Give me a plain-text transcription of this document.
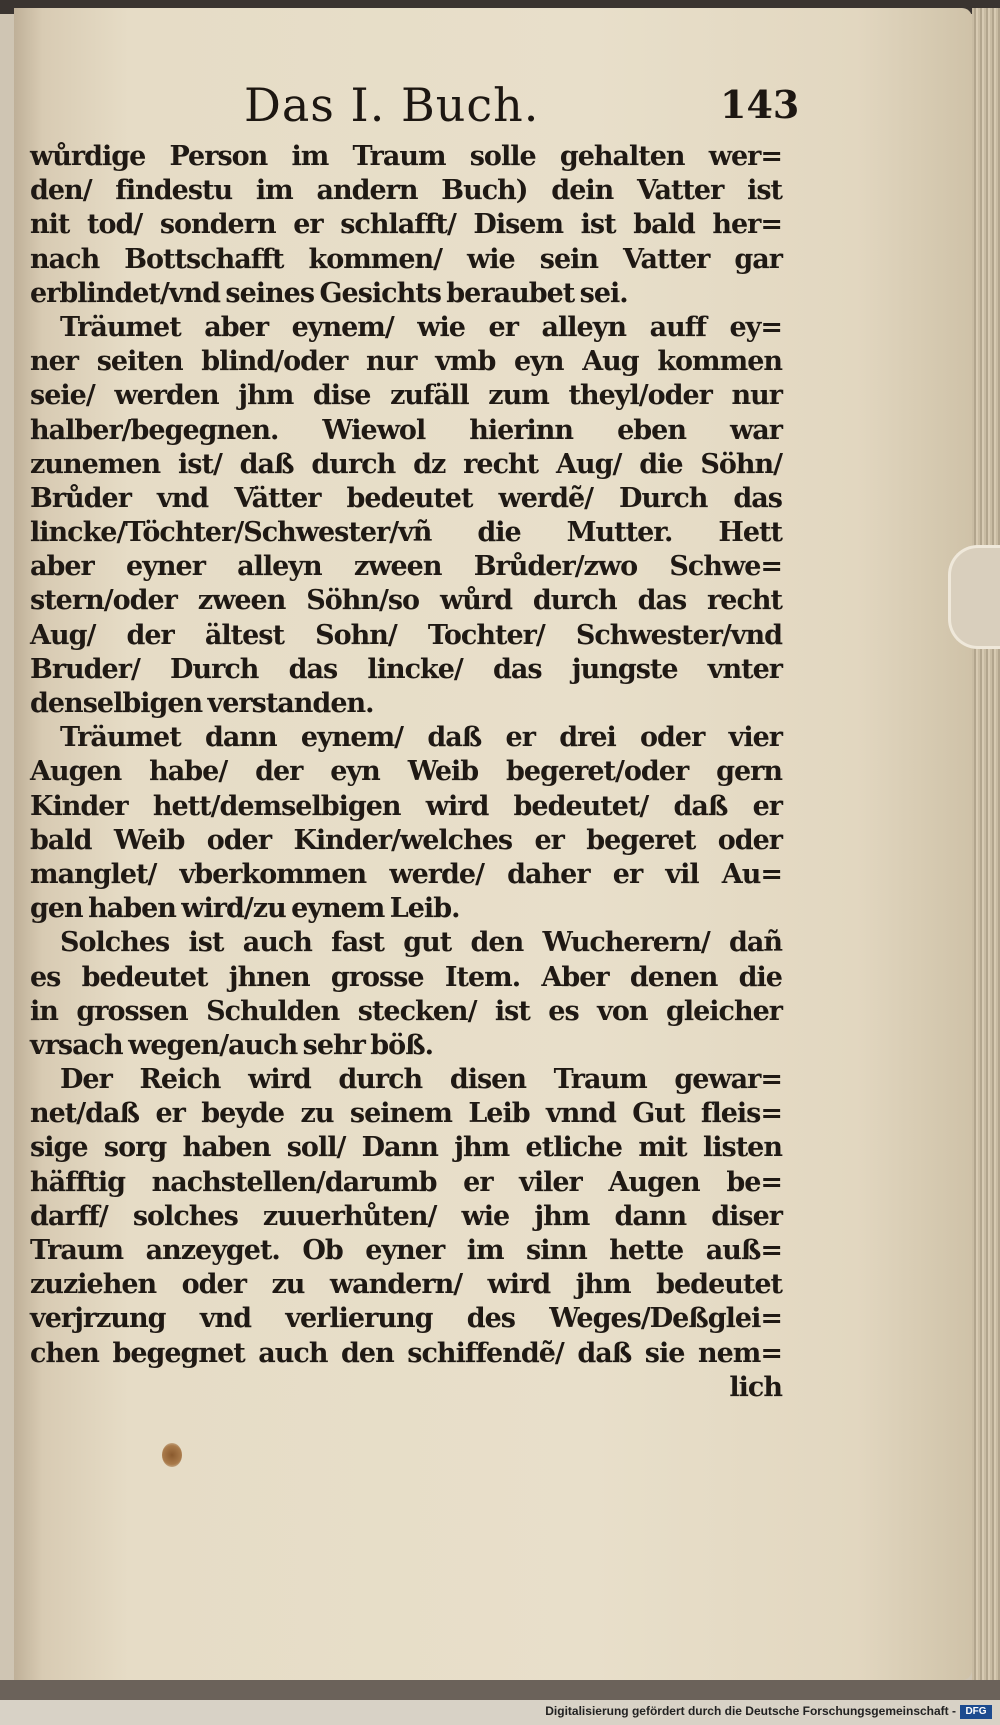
Das I. Buch.	143
wůrdige Person im Traum solle gehalten wer=
den/ findestu im andern Buch) dein Vatter ist
nit tod/ sondern er schlafft/ Disem ist bald her=
nach Bottschafft kommen/ wie sein Vatter gar
erblindet/vnd seines Gesichts beraubet sei.
Träumet aber eynem/ wie er alleyn auff ey=
ner seiten blind/oder nur vmb eyn Aug kommen
seie/ werden jhm dise zufäll zum theyl/oder nur
halber/begegnen. Wiewol hierinn eben war
zunemen ist/ daß durch dz recht Aug/ die Söhn/
Brůder vnd Vätter bedeutet werdẽ/ Durch das
lincke/Töchter/Schwester/vñ die Mutter. Hett
aber eyner alleyn zween Brůder/zwo Schwe=
stern/oder zween Söhn/so wůrd durch das recht
Aug/ der ältest Sohn/ Tochter/ Schwester/vnd
Bruder/ Durch das lincke/ das jungste vnter
denselbigen verstanden.
Träumet dann eynem/ daß er drei oder vier
Augen habe/ der eyn Weib begeret/oder gern
Kinder hett/demselbigen wird bedeutet/ daß er
bald Weib oder Kinder/welches er begeret oder
manglet/ vberkommen werde/ daher er vil Au=
gen haben wird/zu eynem Leib.
Solches ist auch fast gut den Wucherern/ dañ
es bedeutet jhnen grosse Item. Aber denen die
in grossen Schulden stecken/ ist es von gleicher
vrsach wegen/auch sehr böß.
Der Reich wird durch disen Traum gewar=
net/daß er beyde zu seinem Leib vnnd Gut fleis=
sige sorg haben soll/ Dann jhm etliche mit listen
häfftig nachstellen/darumb er viler Augen be=
darff/ solches zuuerhůten/ wie jhm dann diser
Traum anzeyget. Ob eyner im sinn hette auß=
zuziehen oder zu wandern/ wird jhm bedeutet
verjrzung vnd verlierung des Weges/Deßglei=
chen begegnet auch den schiffendẽ/ daß sie nem=
lich
Digitalisierung gefördert durch die Deutsche Forschungsgemeinschaft - DFG
